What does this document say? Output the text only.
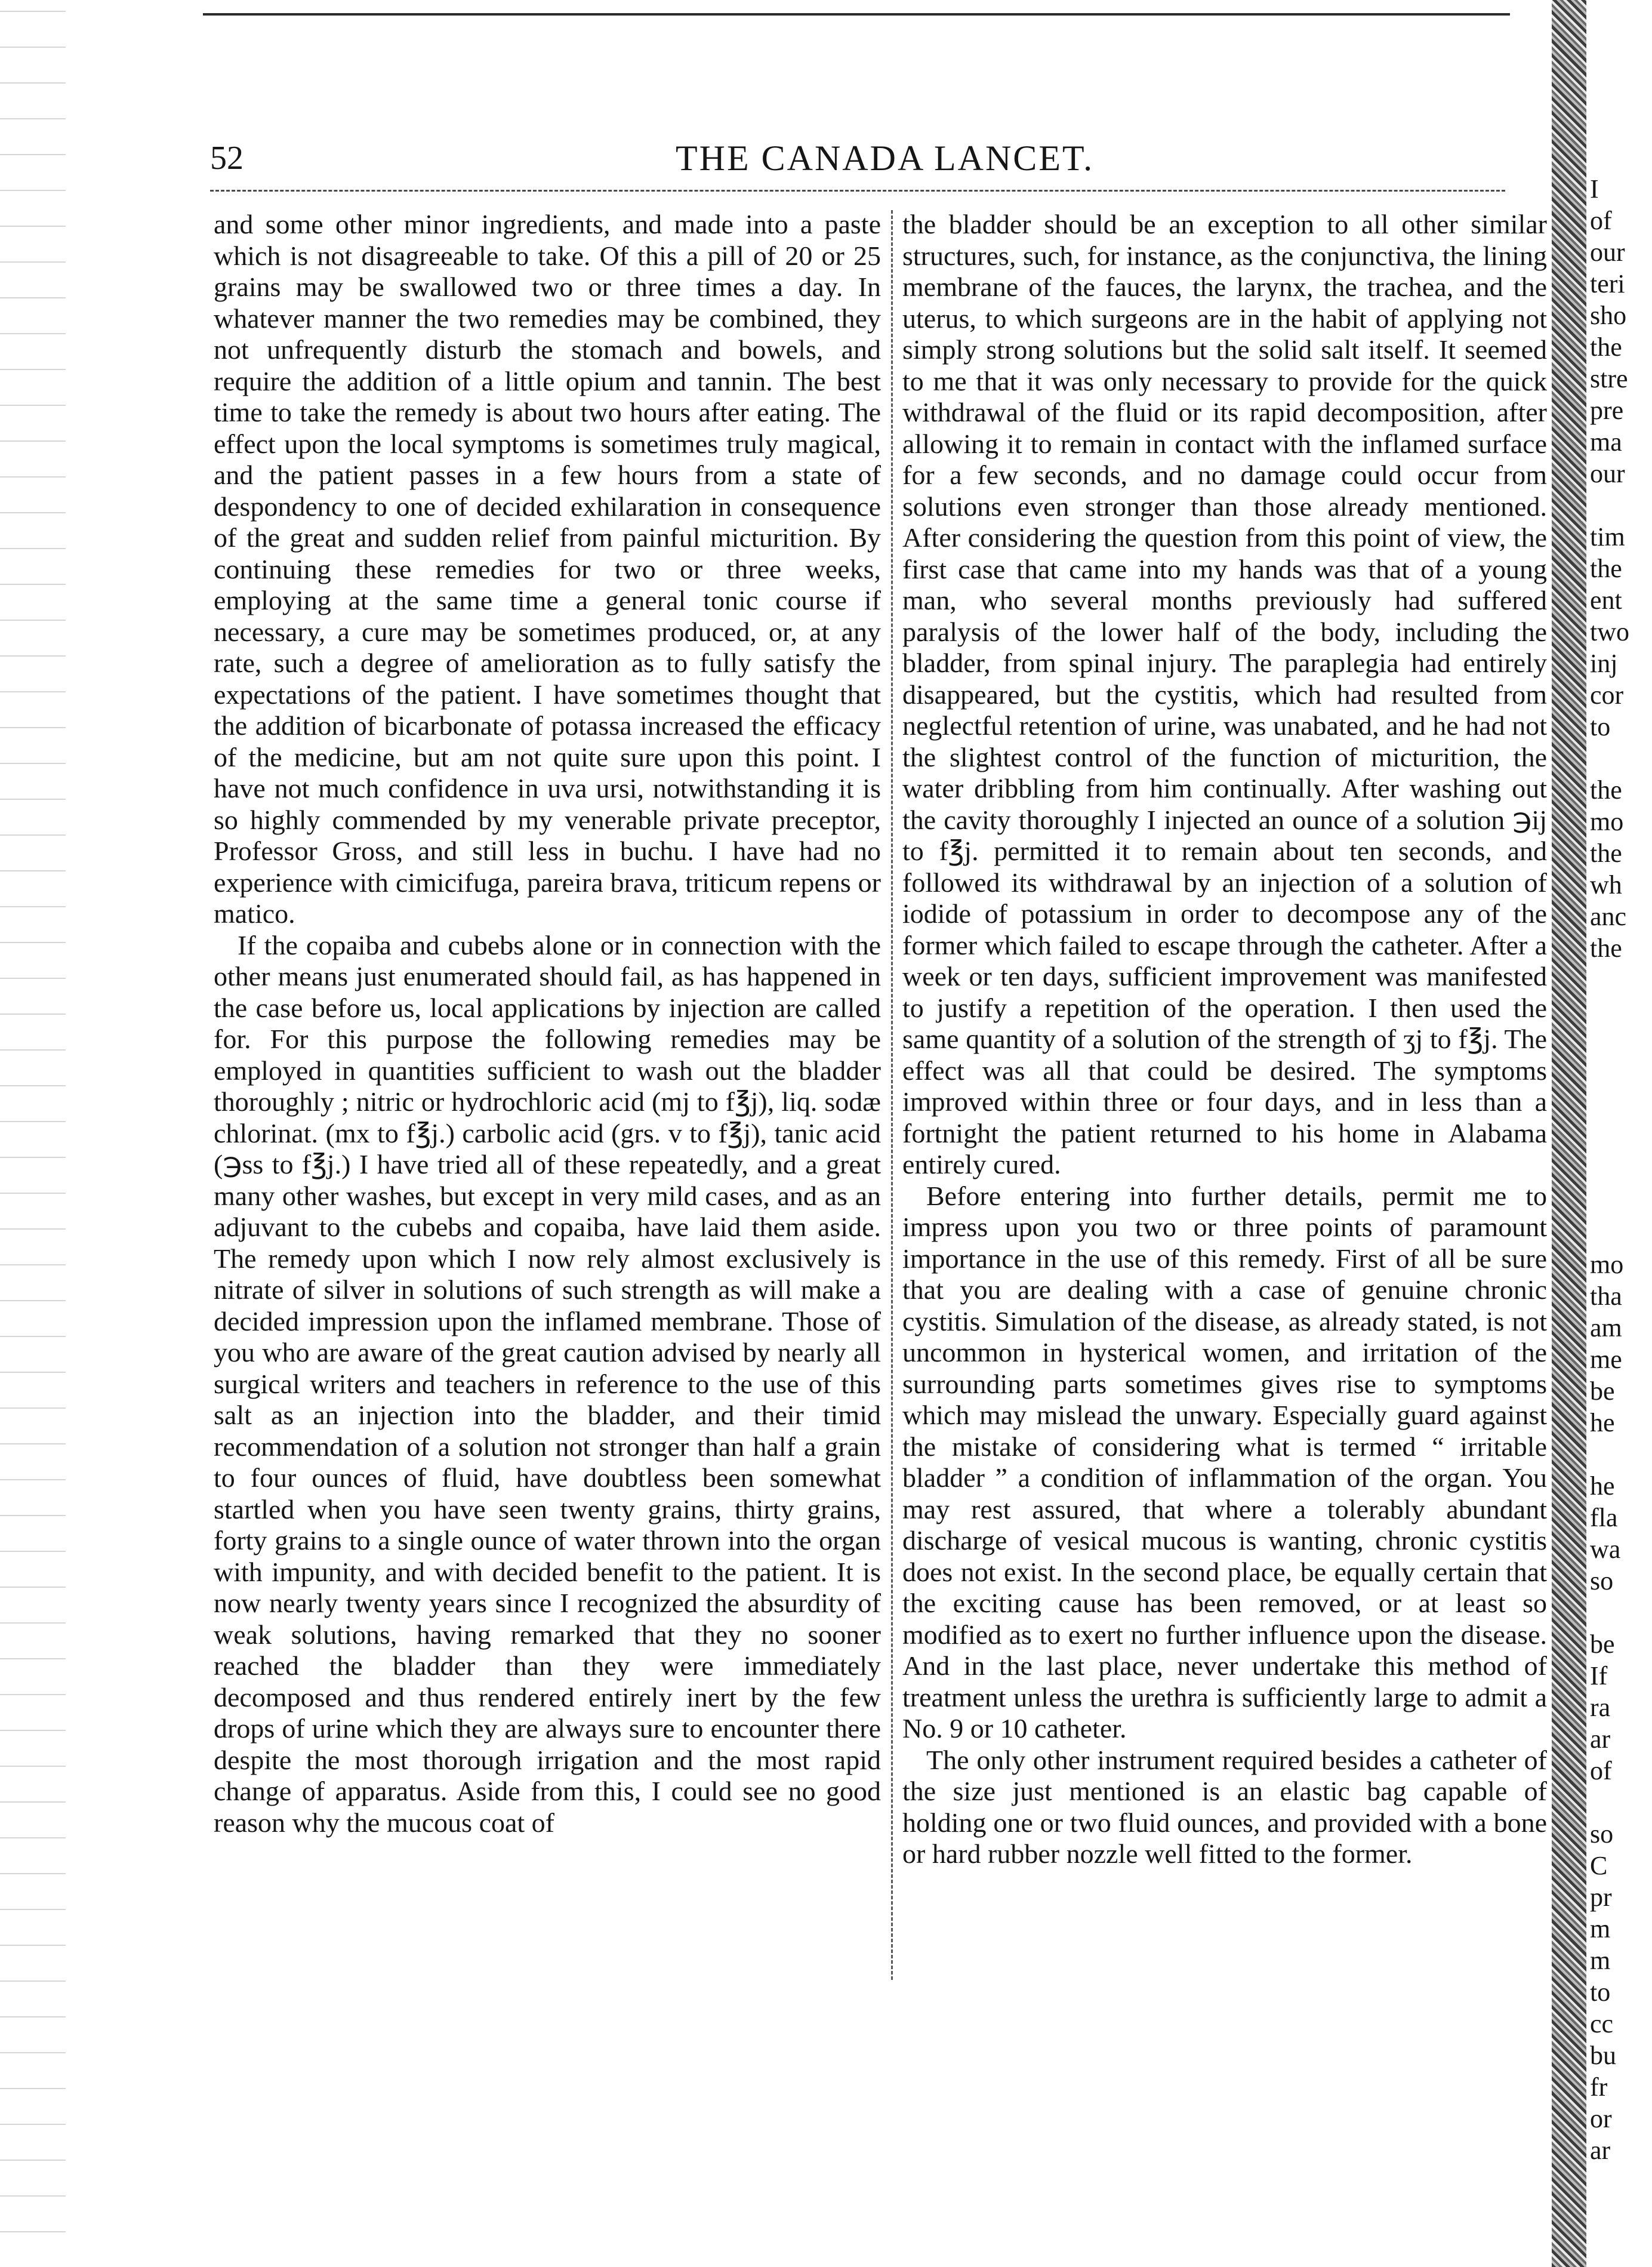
52	THE CANADA LANCET.

and some other minor ingredients, and made into a paste which is not disagreeable to take. Of this a pill of 20 or 25 grains may be swallowed two or three times a day. In whatever manner the two remedies may be combined, they not unfrequently disturb the stomach and bowels, and require the addition of a little opium and tannin. The best time to take the remedy is about two hours after eating. The effect upon the local symptoms is sometimes truly magical, and the patient passes in a few hours from a state of despondency to one of decided exhilaration in consequence of the great and sudden relief from painful micturition. By continuing these remedies for two or three weeks, employing at the same time a general tonic course if necessary, a cure may be sometimes produced, or, at any rate, such a degree of amelioration as to fully satisfy the expectations of the patient. I have sometimes thought that the addition of bicarbonate of potassa increased the efficacy of the medicine, but am not quite sure upon this point. I have not much confidence in uva ursi, notwithstanding it is so highly commended by my venerable private preceptor, Professor Gross, and still less in buchu. I have had no experience with cimicifuga, pareira brava, triticum repens or matico.

If the copaiba and cubebs alone or in connection with the other means just enumerated should fail, as has happened in the case before us, local applications by injection are called for. For this purpose the following remedies may be employed in quantities sufficient to wash out the bladder thoroughly ; nitric or hydrochloric acid (mj to f℥j), liq. sodæ chlorinat. (mx to f℥j.) carbolic acid (grs. v to f℥j), tanic acid (℈ss to f℥j.) I have tried all of these repeatedly, and a great many other washes, but except in very mild cases, and as an adjuvant to the cubebs and copaiba, have laid them aside. The remedy upon which I now rely almost exclusively is nitrate of silver in solutions of such strength as will make a decided impression upon the inflamed membrane. Those of you who are aware of the great caution advised by nearly all surgical writers and teachers in reference to the use of this salt as an injection into the bladder, and their timid recommendation of a solution not stronger than half a grain to four ounces of fluid, have doubtless been somewhat startled when you have seen twenty grains, thirty grains, forty grains to a single ounce of water thrown into the organ with impunity, and with decided benefit to the patient. It is now nearly twenty years since I recognized the absurdity of weak solutions, having remarked that they no sooner reached the bladder than they were immediately decomposed and thus rendered entirely inert by the few drops of urine which they are always sure to encounter there despite the most thorough irrigation and the most rapid change of apparatus. Aside from this, I could see no good reason why the mucous coat of

the bladder should be an exception to all other similar structures, such, for instance, as the conjunctiva, the lining membrane of the fauces, the larynx, the trachea, and the uterus, to which surgeons are in the habit of applying not simply strong solutions but the solid salt itself. It seemed to me that it was only necessary to provide for the quick withdrawal of the fluid or its rapid decomposition, after allowing it to remain in contact with the inflamed surface for a few seconds, and no damage could occur from solutions even stronger than those already mentioned. After considering the question from this point of view, the first case that came into my hands was that of a young man, who several months previously had suffered paralysis of the lower half of the body, including the bladder, from spinal injury. The paraplegia had entirely disappeared, but the cystitis, which had resulted from neglectful retention of urine, was unabated, and he had not the slightest control of the function of micturition, the water dribbling from him continually. After washing out the cavity thoroughly I injected an ounce of a solution ℈ij to f℥j. permitted it to remain about ten seconds, and followed its withdrawal by an injection of a solution of iodide of potassium in order to decompose any of the former which failed to escape through the catheter. After a week or ten days, sufficient improvement was manifested to justify a repetition of the operation. I then used the same quantity of a solution of the strength of ʒj to f℥j. The effect was all that could be desired. The symptoms improved within three or four days, and in less than a fortnight the patient returned to his home in Alabama entirely cured.

Before entering into further details, permit me to impress upon you two or three points of paramount importance in the use of this remedy. First of all be sure that you are dealing with a case of genuine chronic cystitis. Simulation of the disease, as already stated, is not uncommon in hysterical women, and irritation of the surrounding parts sometimes gives rise to symptoms which may mislead the unwary. Especially guard against the mistake of considering what is termed “ irritable bladder ” a condition of inflammation of the organ. You may rest assured, that where a tolerably abundant discharge of vesical mucous is wanting, chronic cystitis does not exist. In the second place, be equally certain that the exciting cause has been removed, or at least so modified as to exert no further influence upon the disease. And in the last place, never undertake this method of treatment unless the urethra is sufficiently large to admit a No. 9 or 10 catheter.

The only other instrument required besides a catheter of the size just mentioned is an elastic bag capable of holding one or two fluid ounces, and provided with a bone or hard rubber nozzle well fitted to the former.

I
of
our
teri
sho
the
stre
pre
ma
our
tim
the
ent
two
inj
cor
to
the
mo
the
wh
anc
the
mo
tha
am
me
be
he
he
fla
wa
so
be
If
ra
ar
of
so
C
pr
m
m
to
cc
bu
fr
or
ar
